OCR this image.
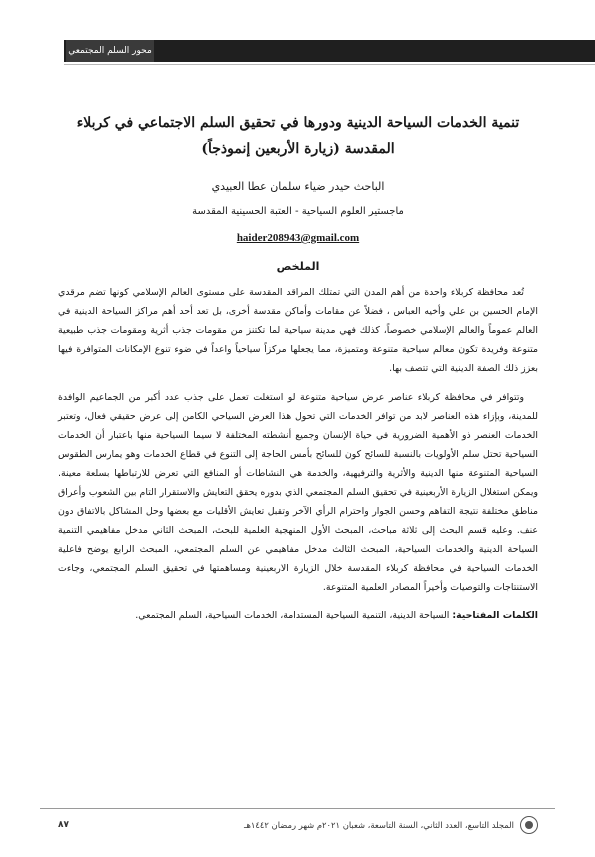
محور السلم المجتمعي
تنمية الخدمات السياحة الدينية ودورها في تحقيق السلم الاجتماعي في كربلاء
المقدسة (زيارة الأربعين إنموذجاً)
الباحث حيدر ضياء سلمان عطا العبيدي
ماجستير العلوم السياحية - العتبة الحسينية المقدسة
haider208943@gmail.com
الملخص

تُعد محافظة كربلاء واحدة من أهم المدن التي تمتلك المراقد المقدسة على مستوى العالم الإسلامي كونها تضم مرقدي الإمام الحسين بن علي وأخيه العباس ، فضلاً عن مقامات وأماكن مقدسة أخرى، بل تعد أحد أهم مراكز السياحة الدينية في العالم عموماً والعالم الإسلامي خصوصاً، كذلك فهي مدينة سياحية لما تكتنز من مقومات جذب أثرية ومقومات جذب طبيعية متنوعة وفريدة تكون معالم سياحية متنوعة ومتميزة، مما يجعلها مركزاً سياحياً واعداً في ضوء تنوع الإمكانات المتوافرة فيها بعزز ذلك الصفة الدينية التي تتصف بها.

وتتوافر في محافظة كربلاء عناصر عرض سياحية متنوعة لو استغلت تعمل على جذب عدد أكبر من الجماعيم الوافدة للمدينة، وبإزاء هذه العناصر لابد من توافر الخدمات التي تحول هذا العرض السياحي الكامن إلى عرض حقيقي فعال، وتعتبر الخدمات العنصر ذو الأهمية الضرورية في حياة الإنسان وجميع أنشطته المختلفة لا سيما السياحية منها باعتبار أن الخدمات السياحية تحتل سلم الأولويات بالنسبة للسائح كون للسائح بأمس الحاجة إلى التنوع في قطاع الخدمات وهو يمارس الطقوس السياحية المتنوعة منها الدينية والأثرية والترفيهية، والخدمة هي النشاطات أو المنافع التي تعرض للارتباطها بسلعة معينة. ويمكن استغلال الزيارة الأربعينية في تحقيق السلم المجتمعي الذي بدوره يحقق التعايش والاستقرار التام بين الشعوب وأعراق مناطق مختلفة نتيجة التفاهم وحسن الجوار واحترام الرأي الآخر وتقبل تعايش الأقليات مع بعضها وحل المشاكل بالاتفاق دون عنف. وعليه قسم البحث إلى ثلاثة مباحث، المبحث الأول المنهجية العلمية للبحث، المبحث الثاني مدخل مفاهيمي التنمية السياحة الدينية والخدمات السياحية، المبحث الثالث مدخل مفاهيمي عن السلم المجتمعي، المبحث الرابع يوضح فاعلية الخدمات السياحية في محافظة كربلاء المقدسة خلال الزيارة الاربعينية ومساهمتها في تحقيق السلم المجتمعي، وجاءت الاستنتاجات والتوصيات وأخيراً المصادر العلمية المتنوعة.

الكلمات المفتاحية: السياحة الدينية، التنمية السياحية المستدامة، الخدمات السياحية، السلم المجتمعي.
المجلد التاسع، العدد الثاني، السنة التاسعة، شعبان ٢٠٢١م شهر رمضان ١٤٤٢هـ
٨٧
